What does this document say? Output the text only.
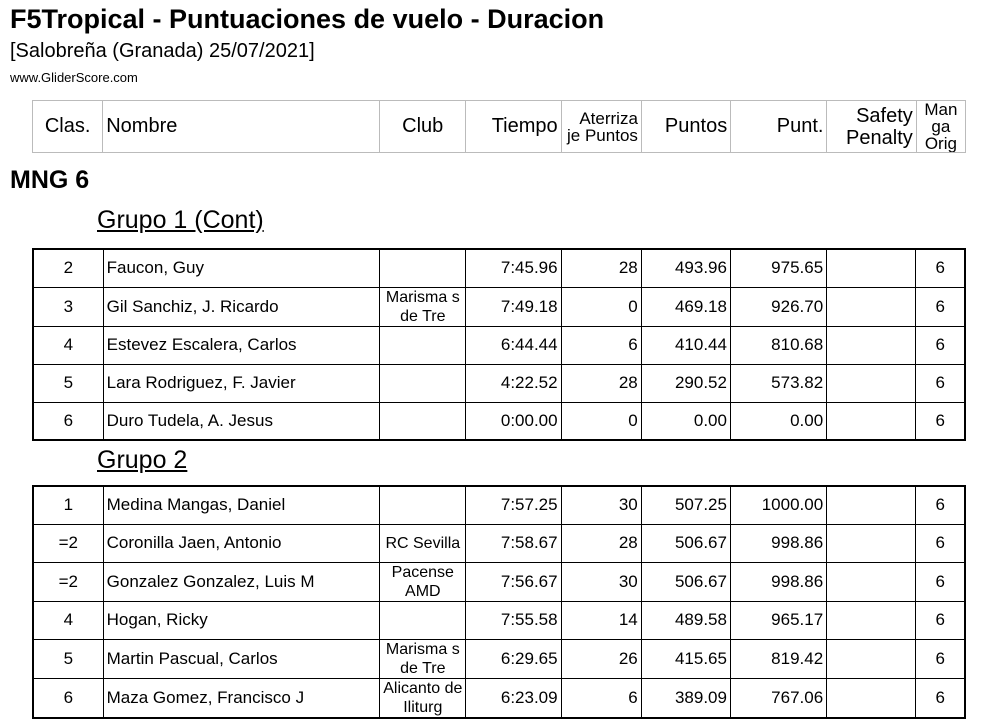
F5Tropical - Puntuaciones de vuelo - Duracion
[Salobreña (Granada) 25/07/2021]
www.GliderScore.com
Clas.	Nombre	Club	Tiempo	Aterriza je Puntos	Puntos	Punt.	Safety Penalty	Man ga Orig
MNG 6
Grupo 1 (Cont)
2	Faucon, Guy		7:45.96	28	493.96	975.65		6
3	Gil Sanchiz, J. Ricardo	Marisma s de Tre	7:49.18	0	469.18	926.70		6
4	Estevez Escalera, Carlos		6:44.44	6	410.44	810.68		6
5	Lara Rodriguez, F. Javier		4:22.52	28	290.52	573.82		6
6	Duro Tudela, A. Jesus		0:00.00	0	0.00	0.00		6
Grupo 2
1	Medina Mangas, Daniel		7:57.25	30	507.25	1000.00		6
=2	Coronilla Jaen, Antonio	RC Sevilla	7:58.67	28	506.67	998.86		6
=2	Gonzalez Gonzalez, Luis M	Pacense AMD	7:56.67	30	506.67	998.86		6
4	Hogan, Ricky		7:55.58	14	489.58	965.17		6
5	Martin Pascual, Carlos	Marisma s de Tre	6:29.65	26	415.65	819.42		6
6	Maza Gomez, Francisco J	Alicanto de Iliturg	6:23.09	6	389.09	767.06		6
